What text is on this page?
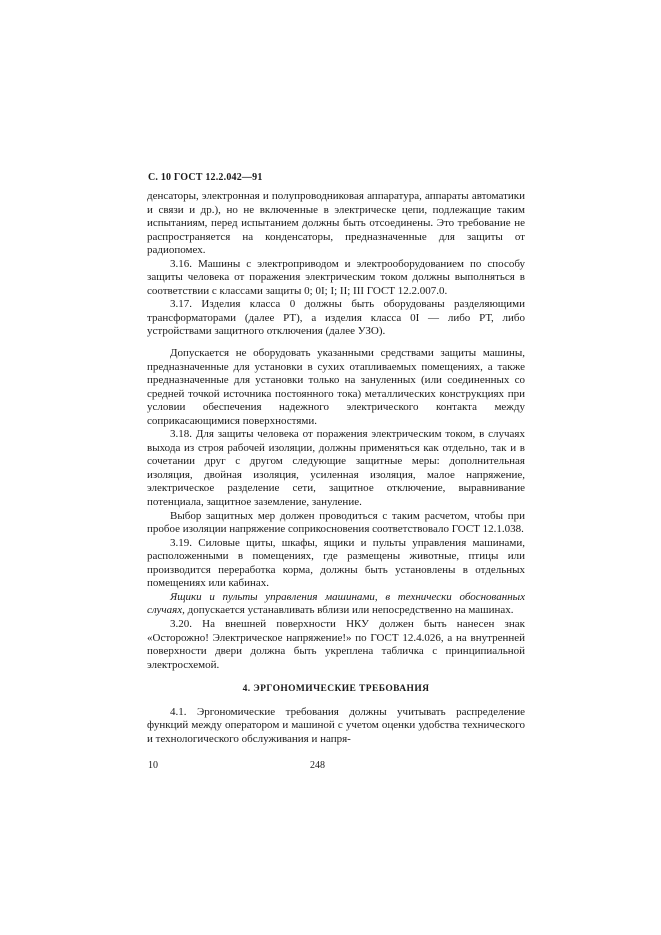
С. 10 ГОСТ 12.2.042—91

денсаторы, электронная и полупроводниковая аппаратура, аппараты автоматики и связи и др.), но не включенные в электрическе цепи, подлежащие таким испытаниям, перед испытанием должны быть отсоединены. Это требование не распространяется на конденсаторы, предназначенные для защиты от радиопомех.

3.16. Машины с электроприводом и электрооборудованием по способу защиты человека от поражения электрическим током должны выполняться в соответствии с классами защиты 0; 0I; I; II; III ГОСТ 12.2.007.0.

3.17. Изделия класса 0 должны быть оборудованы разделяющими трансформаторами (далее РТ), а изделия класса 0I — либо РТ, либо устройствами защитного отключения (далее УЗО).

Допускается не оборудовать указанными средствами защиты машины, предназначенные для установки в сухих отапливаемых помещениях, а также предназначенные для установки только на зануленных (или соединенных со средней точкой источника постоянного тока) металлических конструкциях при условии обеспечения надежного электрического контакта между соприкасающимися поверхностями.

3.18. Для защиты человека от поражения электрическим током, в случаях выхода из строя рабочей изоляции, должны применяться как отдельно, так и в сочетании друг с другом следующие защитные меры: дополнительная изоляция, двойная изоляция, усиленная изоляция, малое напряжение, электрическое разделение сети, защитное отключение, выравнивание потенциала, защитное заземление, зануление.

Выбор защитных мер должен проводиться с таким расчетом, чтобы при пробое изоляции напряжение соприкосновения соответствовало ГОСТ 12.1.038.

3.19. Силовые щиты, шкафы, ящики и пульты управления машинами, расположенными в помещениях, где размещены животные, птицы или производится переработка корма, должны быть установлены в отдельных помещениях или кабинах.

Ящики и пульты управления машинами, в технически обоснованных случаях, допускается устанавливать вблизи или непосредственно на машинах.

3.20. На внешней поверхности НКУ должен быть нанесен знак «Осторожно! Электрическое напряжение!» по ГОСТ 12.4.026, а на внутренней поверхности двери должна быть укреплена табличка с принципиальной электросхемой.

4. ЭРГОНОМИЧЕСКИЕ ТРЕБОВАНИЯ

4.1. Эргономические требования должны учитывать распределение функций между оператором и машиной с учетом оценки удобства технического и технологического обслуживания и напря-

10	248
